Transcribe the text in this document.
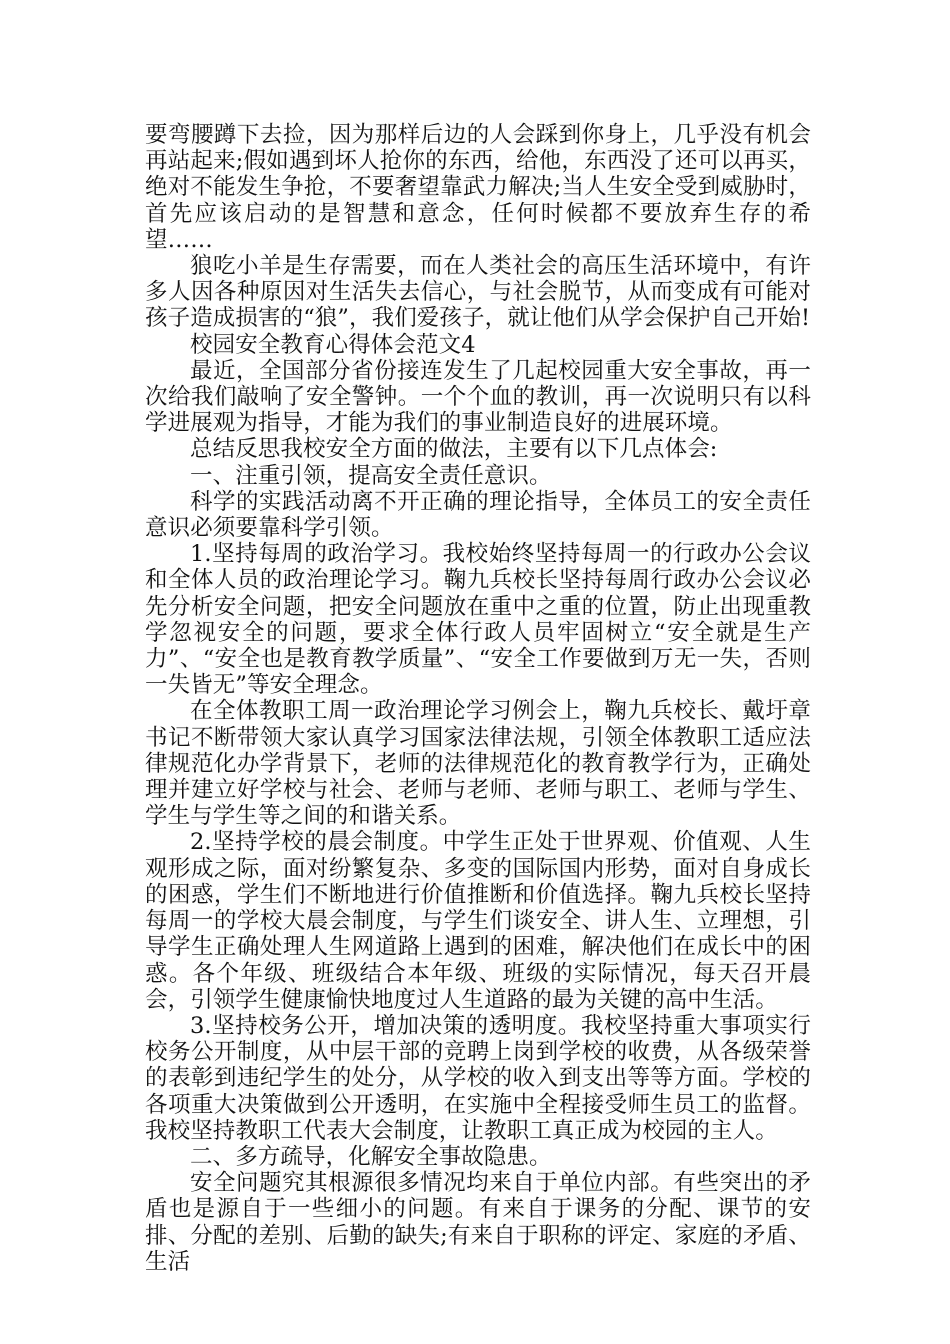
要弯腰蹲下去捡，因为那样后边的人会踩到你身上，几乎没有机会再站起来;假如遇到坏人抢你的东西，给他，东西没了还可以再买，绝对不能发生争抢，不要奢望靠武力解决;当人生安全受到威胁时，首先应该启动的是智慧和意念，任何时候都不要放弃生存的希望……

狼吃小羊是生存需要，而在人类社会的高压生活环境中，有许多人因各种原因对生活失去信心，与社会脱节，从而变成有可能对孩子造成损害的“狼”，我们爱孩子，就让他们从学会保护自己开始!

校园安全教育心得体会范文4

最近，全国部分省份接连发生了几起校园重大安全事故，再一次给我们敲响了安全警钟。一个个血的教训，再一次说明只有以科学进展观为指导，才能为我们的事业制造良好的进展环境。

总结反思我校安全方面的做法，主要有以下几点体会:

一、注重引领，提高安全责任意识。

科学的实践活动离不开正确的理论指导，全体员工的安全责任意识必须要靠科学引领。

1.坚持每周的政治学习。我校始终坚持每周一的行政办公会议和全体人员的政治理论学习。鞠九兵校长坚持每周行政办公会议必先分析安全问题，把安全问题放在重中之重的位置，防止出现重教学忽视安全的问题，要求全体行政人员牢固树立“安全就是生产力”、“安全也是教育教学质量”、“安全工作要做到万无一失，否则一失皆无”等安全理念。

在全体教职工周一政治理论学习例会上，鞠九兵校长、戴圩章书记不断带领大家认真学习国家法律法规，引领全体教职工适应法律规范化办学背景下，老师的法律规范化的教育教学行为，正确处理并建立好学校与社会、老师与老师、老师与职工、老师与学生、学生与学生等之间的和谐关系。

2.坚持学校的晨会制度。中学生正处于世界观、价值观、人生观形成之际，面对纷繁复杂、多变的国际国内形势，面对自身成长的困惑，学生们不断地进行价值推断和价值选择。鞠九兵校长坚持每周一的学校大晨会制度，与学生们谈安全、讲人生、立理想，引导学生正确处理人生网道路上遇到的困难，解决他们在成长中的困惑。各个年级、班级结合本年级、班级的实际情况，每天召开晨会，引领学生健康愉快地度过人生道路的最为关键的高中生活。

3.坚持校务公开，增加决策的透明度。我校坚持重大事项实行校务公开制度，从中层干部的竞聘上岗到学校的收费，从各级荣誉的表彰到违纪学生的处分，从学校的收入到支出等等方面。学校的各项重大决策做到公开透明，在实施中全程接受师生员工的监督。我校坚持教职工代表大会制度，让教职工真正成为校园的主人。

二、多方疏导，化解安全事故隐患。

安全问题究其根源很多情况均来自于单位内部。有些突出的矛盾也是源自于一些细小的问题。有来自于课务的分配、课节的安排、分配的差别、后勤的缺失;有来自于职称的评定、家庭的矛盾、生活
